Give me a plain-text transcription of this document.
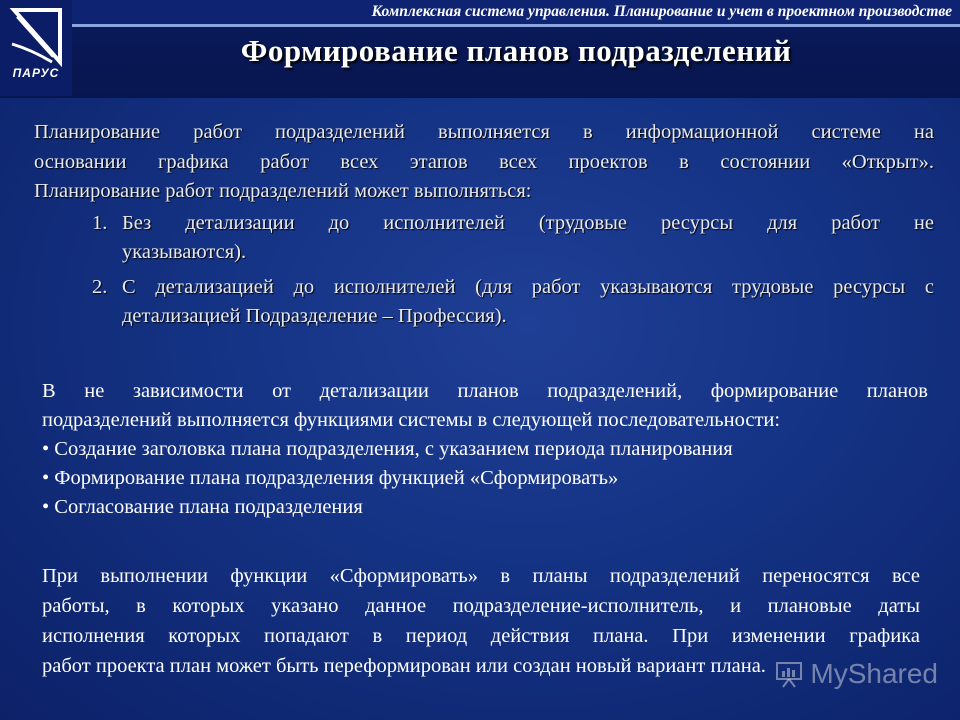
ПАРУС
Комплексная система управления. Планирование и учет в проектном производстве
Формирование планов подразделений
Планирование работ подразделений выполняется в информационной системе на
основании графика работ всех этапов всех проектов в состоянии «Открыт».
Планирование работ подразделений может выполняться:
1. Без детализации до исполнителей (трудовые ресурсы для работ не
указываются).
2. С детализацией до исполнителей (для работ указываются трудовые ресурсы с
детализацией Подразделение – Профессия).
В не зависимости от детализации планов подразделений, формирование планов
подразделений выполняется функциями системы в следующей последовательности:
• Создание заголовка плана подразделения, с указанием периода планирования
• Формирование плана подразделения функцией «Сформировать»
• Согласование плана подразделения
При выполнении функции «Сформировать» в планы подразделений переносятся все
работы, в которых указано данное подразделение-исполнитель, и плановые даты
исполнения которых попадают в период действия плана. При изменении графика
работ проекта план может быть переформирован или создан новый вариант плана.	MyShared
